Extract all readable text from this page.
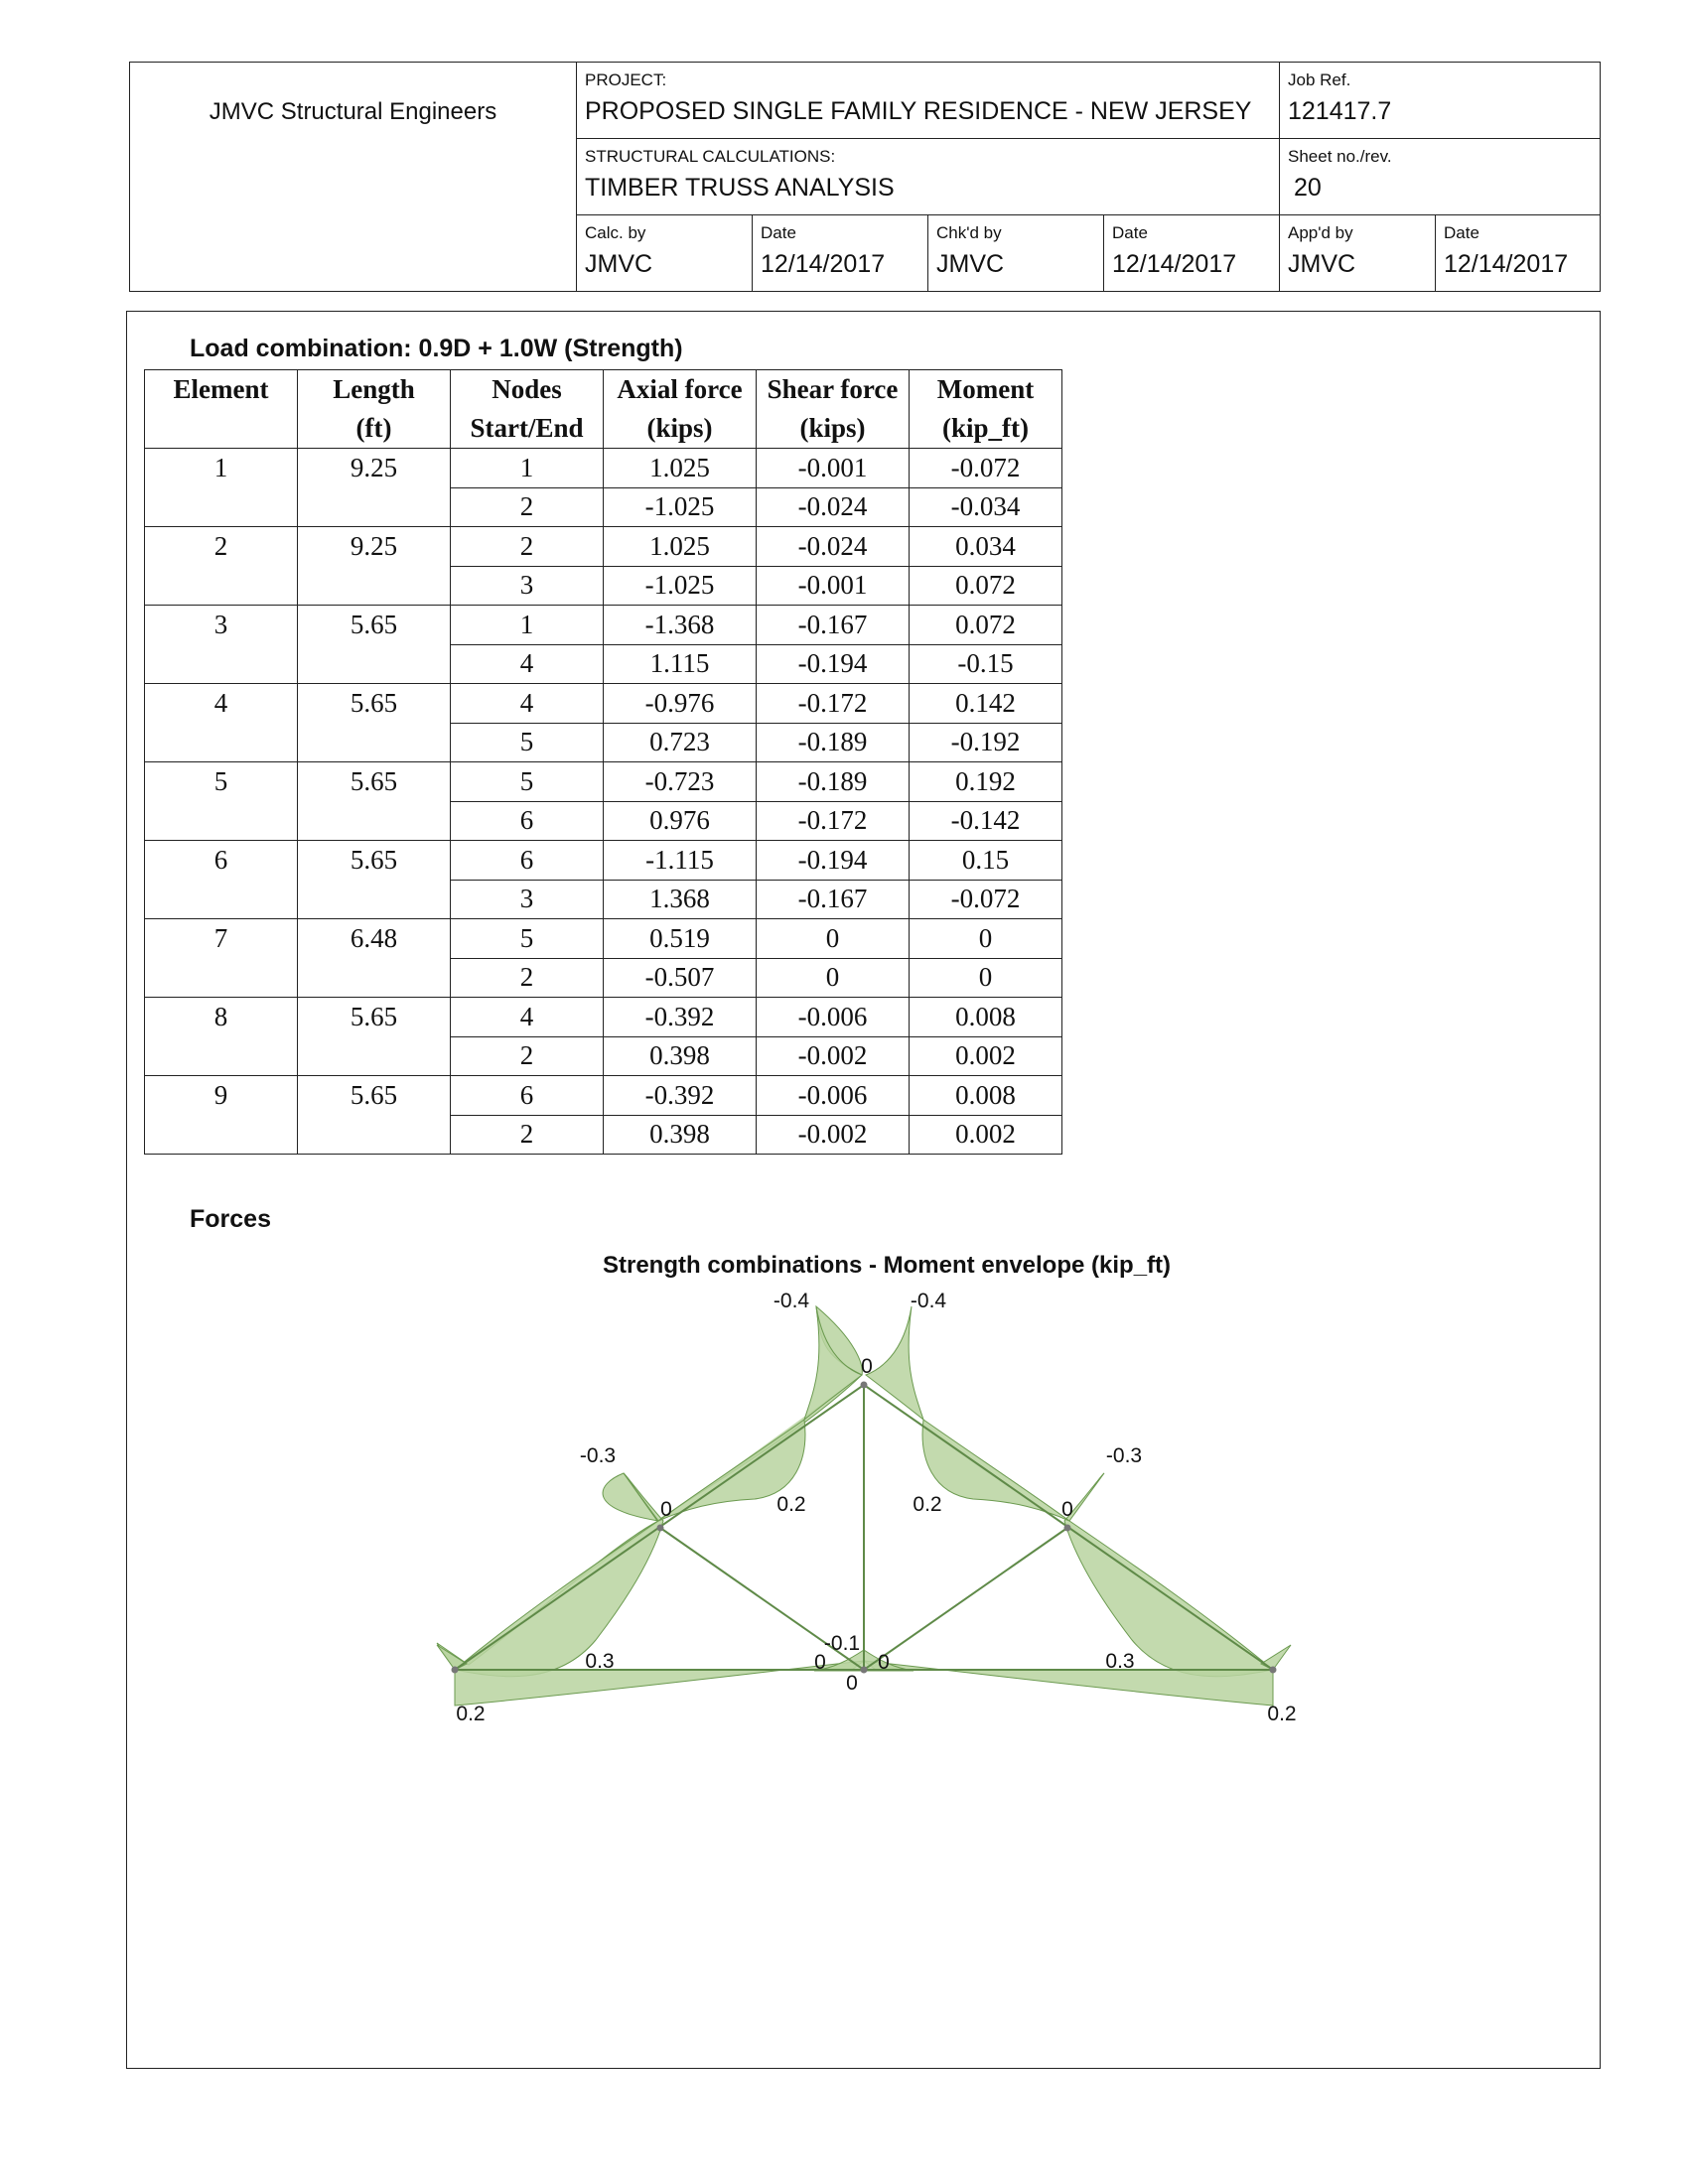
JMVC Structural Engineers
PROJECT:
PROPOSED SINGLE FAMILY RESIDENCE - NEW JERSEY
Job Ref.
121417.7
STRUCTURAL CALCULATIONS:
TIMBER TRUSS ANALYSIS
Sheet no./rev.
20
Calc. by
JMVC
Date
12/14/2017
Chk'd by
JMVC
Date
12/14/2017
App'd by
JMVC
Date
12/14/2017
Load combination: 0.9D + 1.0W (Strength)
Element	Length	Nodes	Axial force	Shear force	Moment
	(ft)	Start/End	(kips)	(kips)	(kip_ft)
1	9.25	1	1.025	-0.001	-0.072
		2	-1.025	-0.024	-0.034
2	9.25	2	1.025	-0.024	0.034
		3	-1.025	-0.001	0.072
3	5.65	1	-1.368	-0.167	0.072
		4	1.115	-0.194	-0.15
4	5.65	4	-0.976	-0.172	0.142
		5	0.723	-0.189	-0.192
5	5.65	5	-0.723	-0.189	0.192
		6	0.976	-0.172	-0.142
6	5.65	6	-1.115	-0.194	0.15
		3	1.368	-0.167	-0.072
7	6.48	5	0.519	0	0
		2	-0.507	0	0
8	5.65	4	-0.392	-0.006	0.008
		2	0.398	-0.002	0.002
9	5.65	6	-0.392	-0.006	0.008
		2	0.398	-0.002	0.002
Forces
Strength combinations - Moment envelope (kip_ft)
-0.4	-0.4
0
-0.3	-0.3
0	0.2	0.2	0
-0.1
0 0
0
0.3	0.3
0.2	0.2
